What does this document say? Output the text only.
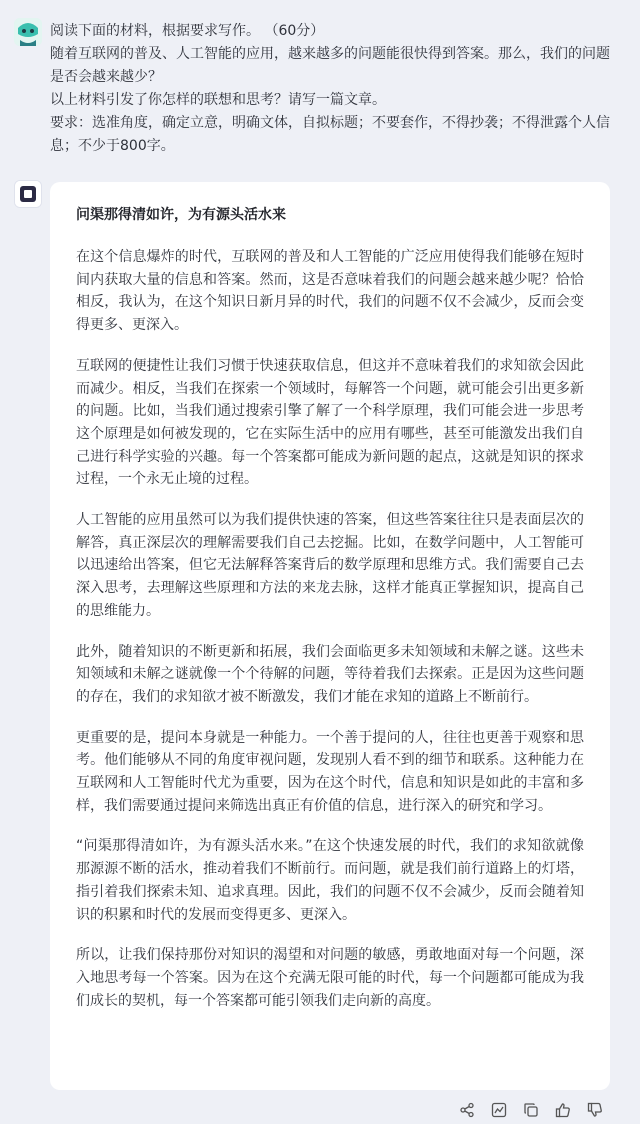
阅读下面的材料，根据要求写作。 （60分）
随着互联网的普及、人工智能的应用，越来越多的问题能很快得到答案。那么，我们的问题是否会越来越少？
以上材料引发了你怎样的联想和思考？请写一篇文章。
要求：选准角度，确定立意，明确文体，自拟标题；不要套作，不得抄袭；不得泄露个人信息；不少于800字。
问渠那得清如许，为有源头活水来

在这个信息爆炸的时代，互联网的普及和人工智能的广泛应用使得我们能够在短时间内获取大量的信息和答案。然而，这是否意味着我们的问题会越来越少呢？恰恰相反，我认为，在这个知识日新月异的时代，我们的问题不仅不会减少，反而会变得更多、更深入。

互联网的便捷性让我们习惯于快速获取信息，但这并不意味着我们的求知欲会因此而减少。相反，当我们在探索一个领域时，每解答一个问题，就可能会引出更多新的问题。比如，当我们通过搜索引擎了解了一个科学原理，我们可能会进一步思考这个原理是如何被发现的，它在实际生活中的应用有哪些，甚至可能激发出我们自己进行科学实验的兴趣。每一个答案都可能成为新问题的起点，这就是知识的探求过程，一个永无止境的过程。

人工智能的应用虽然可以为我们提供快速的答案，但这些答案往往只是表面层次的解答，真正深层次的理解需要我们自己去挖掘。比如，在数学问题中，人工智能可以迅速给出答案，但它无法解释答案背后的数学原理和思维方式。我们需要自己去深入思考，去理解这些原理和方法的来龙去脉，这样才能真正掌握知识，提高自己的思维能力。

此外，随着知识的不断更新和拓展，我们会面临更多未知领域和未解之谜。这些未知领域和未解之谜就像一个个待解的问题，等待着我们去探索。正是因为这些问题的存在，我们的求知欲才被不断激发，我们才能在求知的道路上不断前行。

更重要的是，提问本身就是一种能力。一个善于提问的人，往往也更善于观察和思考。他们能够从不同的角度审视问题，发现别人看不到的细节和联系。这种能力在互联网和人工智能时代尤为重要，因为在这个时代，信息和知识是如此的丰富和多样，我们需要通过提问来筛选出真正有价值的信息，进行深入的研究和学习。

“问渠那得清如许，为有源头活水来。”在这个快速发展的时代，我们的求知欲就像那源源不断的活水，推动着我们不断前行。而问题，就是我们前行道路上的灯塔，指引着我们探索未知、追求真理。因此，我们的问题不仅不会减少，反而会随着知识的积累和时代的发展而变得更多、更深入。

所以，让我们保持那份对知识的渴望和对问题的敏感，勇敢地面对每一个问题，深入地思考每一个答案。因为在这个充满无限可能的时代，每一个问题都可能成为我们成长的契机，每一个答案都可能引领我们走向新的高度。
